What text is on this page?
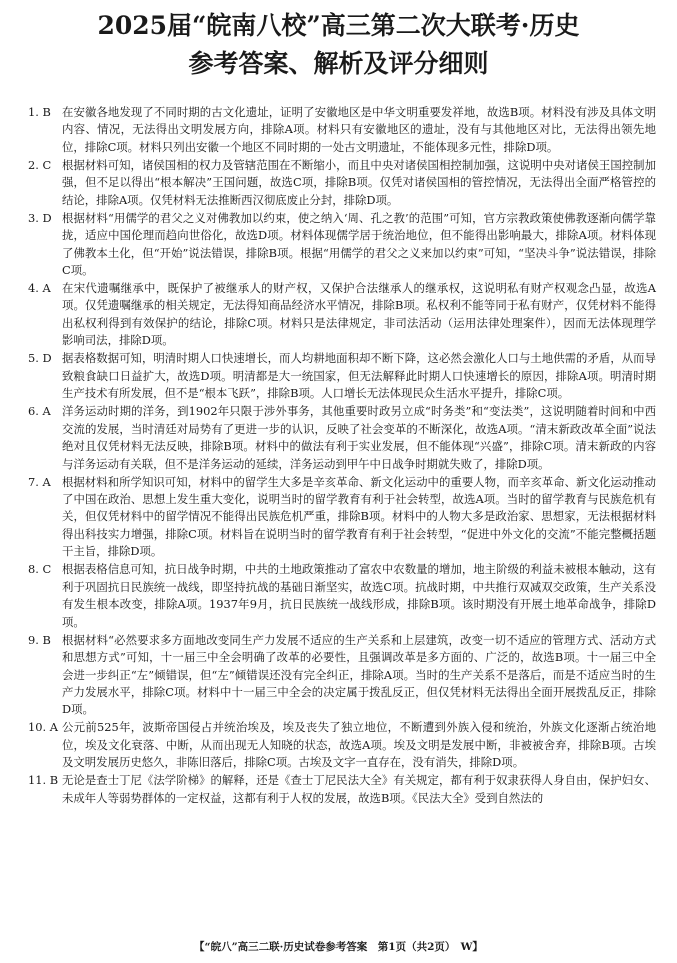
2025届“皖南八校”高三第二次大联考·历史
参考答案、解析及评分细则
1. B 在安徽各地发现了不同时期的古文化遗址，证明了安徽地区是中华文明重要发祥地，故选B项。材料没有涉及具体文明内容、情况，无法得出文明发展方向，排除A项。材料只有安徽地区的遗址，没有与其他地区对比，无法得出领先地位，排除C项。材料只列出安徽一个地区不同时期的一处古文明遗址，不能体现多元性，排除D项。
2. C 根据材料可知，诸侯国相的权力及管辖范围在不断缩小，而且中央对诸侯国相控制加强，这说明中央对诸侯王国控制加强，但不足以得出“根本解决”王国问题，故选C项，排除B项。仅凭对诸侯国相的管控情况，无法得出全面严格管控的结论，排除A项。仅凭材料无法推断西汉彻底废止分封，排除D项。
3. D 根据材料“用儒学的君父之义对佛教加以约束，使之纳入‘周、孔之教’的范围”可知，官方宗教政策使佛教逐渐向儒学靠拢，适应中国伦理而趋向世俗化，故选D项。材料体现儒学居于统治地位，但不能得出影响最大，排除A项。材料体现了佛教本土化，但“开始”说法错误，排除B项。根据“用儒学的君父之义来加以约束”可知，“坚决斗争”说法错误，排除C项。
4. A 在宋代遗嘱继承中，既保护了被继承人的财产权，又保护合法继承人的继承权，这说明私有财产权观念凸显，故选A项。仅凭遗嘱继承的相关规定，无法得知商品经济水平情况，排除B项。私权利不能等同于私有财产，仅凭材料不能得出私权利得到有效保护的结论，排除C项。材料只是法律规定，非司法活动（运用法律处理案件），因而无法体现理学影响司法，排除D项。
5. D 据表格数据可知，明清时期人口快速增长，而人均耕地面积却不断下降，这必然会激化人口与土地供需的矛盾，从而导致粮食缺口日益扩大，故选D项。明清都是大一统国家，但无法解释此时期人口快速增长的原因，排除A项。明清时期生产技术有所发展，但不是“根本飞跃”，排除B项。人口增长无法体现民众生活水平提升，排除C项。
6. A 洋务运动时期的洋务，到1902年只限于涉外事务，其他重要时政另立成“时务类”和“变法类”，这说明随着时间和中西交流的发展，当时清廷对局势有了更进一步的认识，反映了社会变革的不断深化，故选A项。“清末新政改革全面”说法绝对且仅凭材料无法反映，排除B项。材料中的做法有利于实业发展，但不能体现“兴盛”，排除C项。清末新政的内容与洋务运动有关联，但不是洋务运动的延续，洋务运动到甲午中日战争时期就失败了，排除D项。
7. A 根据材料和所学知识可知，材料中的留学生大多是辛亥革命、新文化运动中的重要人物，而辛亥革命、新文化运动推动了中国在政治、思想上发生重大变化，说明当时的留学教育有利于社会转型，故选A项。当时的留学教育与民族危机有关，但仅凭材料中的留学情况不能得出民族危机严重，排除B项。材料中的人物大多是政治家、思想家，无法根据材料得出科技实力增强，排除C项。材料旨在说明当时的留学教育有利于社会转型，“促进中外文化的交流”不能完整概括题干主旨，排除D项。
8. C 根据表格信息可知，抗日战争时期，中共的土地政策推动了富农中农数量的增加，地主阶级的利益未被根本触动，这有利于巩固抗日民族统一战线，即坚持抗战的基础日渐坚实，故选C项。抗战时期，中共推行双减双交政策，生产关系没有发生根本改变，排除A项。1937年9月，抗日民族统一战线形成，排除B项。该时期没有开展土地革命战争，排除D项。
9. B 根据材料“必然要求多方面地改变同生产力发展不适应的生产关系和上层建筑，改变一切不适应的管理方式、活动方式和思想方式”可知，十一届三中全会明确了改革的必要性，且强调改革是多方面的、广泛的，故选B项。十一届三中全会进一步纠正“左”倾错误，但“左”倾错误还没有完全纠正，排除A项。当时的生产关系不是落后，而是不适应当时的生产力发展水平，排除C项。材料中十一届三中全会的决定属于拨乱反正，但仅凭材料无法得出全面开展拨乱反正，排除D项。
10. A 公元前525年，波斯帝国侵占并统治埃及，埃及丧失了独立地位，不断遭到外族入侵和统治，外族文化逐渐占统治地位，埃及文化衰落、中断，从而出现无人知晓的状态，故选A项。埃及文明是发展中断，非被被舍弃，排除B项。古埃及文明发展历史悠久，非陈旧落后，排除C项。古埃及文字一直存在，没有消失，排除D项。
11. B 无论是查士丁尼《法学阶梯》的解释，还是《查士丁尼民法大全》有关规定，都有利于奴隶获得人身自由，保护妇女、未成年人等弱势群体的一定权益，这都有利于人权的发展，故选B项。《民法大全》受到自然法的
【“皖八”高三二联·历史试卷参考答案　第1页（共2页）　W】
